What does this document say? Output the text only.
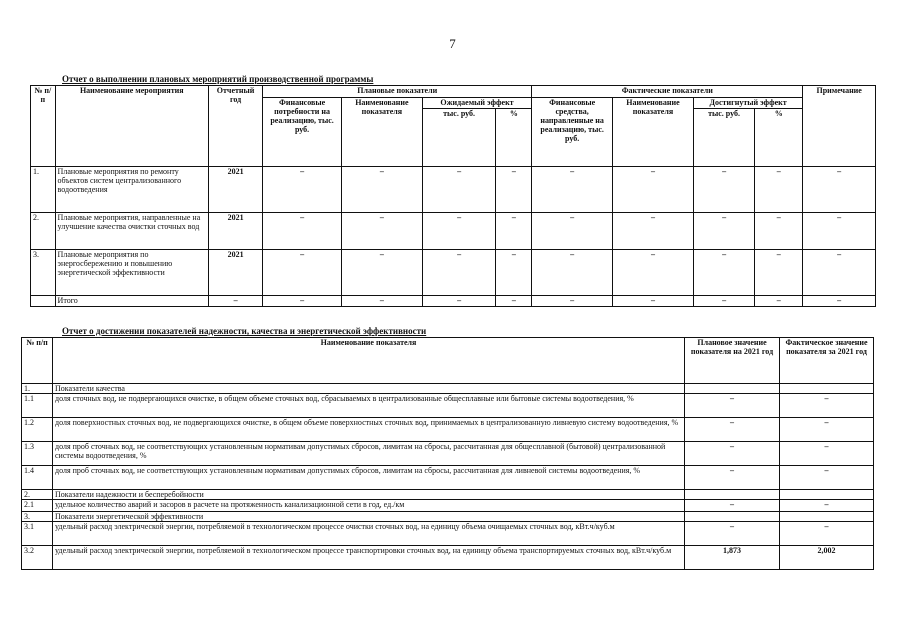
7
Отчет о выполнении плановых мероприятий производственной программы
№ п/п	Наименование мероприятия	Отчетный год	Плановые показатели				Фактические показатели				Примечание
			Финансовые потребности на реализацию, тыс. руб.	Наименование показателя	Ожидаемый эффект		Финансовые средства, направленные на реализацию, тыс. руб.	Наименование показателя	Достигнутый эффект		
					тыс. руб.	%			тыс. руб.	%	
1.	Плановые мероприятия по ремонту объектов систем централизованного водоотведения	2021	–	–	–	–	–	–	–	–	–
2.	Плановые мероприятия, направленные на улучшение качества очистки сточных вод	2021	–	–	–	–	–	–	–	–	–
3.	Плановые мероприятия по энергосбережению и повышению энергетической эффективности	2021	–	–	–	–	–	–	–	–	–
	Итого	–	–	–	–	–	–	–	–	–	–
Отчет о достижении показателей надежности, качества и энергетической эффективности
№ п/п	Наименование показателя	Плановое значение показателя на 2021 год	Фактическое значение показателя за 2021 год
1.	Показатели качества		
1.1	доля сточных вод, не подвергающихся очистке, в общем объеме сточных вод, сбрасываемых в централизованные общесплавные или бытовые системы водоотведения, %	–	–
1.2	доля поверхностных сточных вод, не подвергающихся очистке, в общем объеме поверхностных сточных вод, принимаемых в централизованную ливневую систему водоотведения, %	–	–
1.3	доля проб сточных вод, не соответствующих установленным нормативам допустимых сбросов, лимитам на сбросы, рассчитанная для общесплавной (бытовой) централизованной системы водоотведения, %	–	–
1.4	доля проб сточных вод, не соответствующих установленным нормативам допустимых сбросов, лимитам на сбросы, рассчитанная для ливневой системы водоотведения, %	–	–
2.	Показатели надежности и бесперебойности		
2.1	удельное количество аварий и засоров в расчете на протяженность канализационной сети в год, ед./км	–	–
3.	Показатели энергетической эффективности		
3.1	удельный расход электрической энергии, потребляемой в технологическом процессе очистки сточных вод, на единицу объема очищаемых сточных вод, кВт.ч/куб.м	–	–
3.2	удельный расход электрической энергии, потребляемой в технологическом процессе транспортировки сточных вод, на единицу объема транспортируемых сточных вод, кВт.ч/куб.м	1,873	2,002
